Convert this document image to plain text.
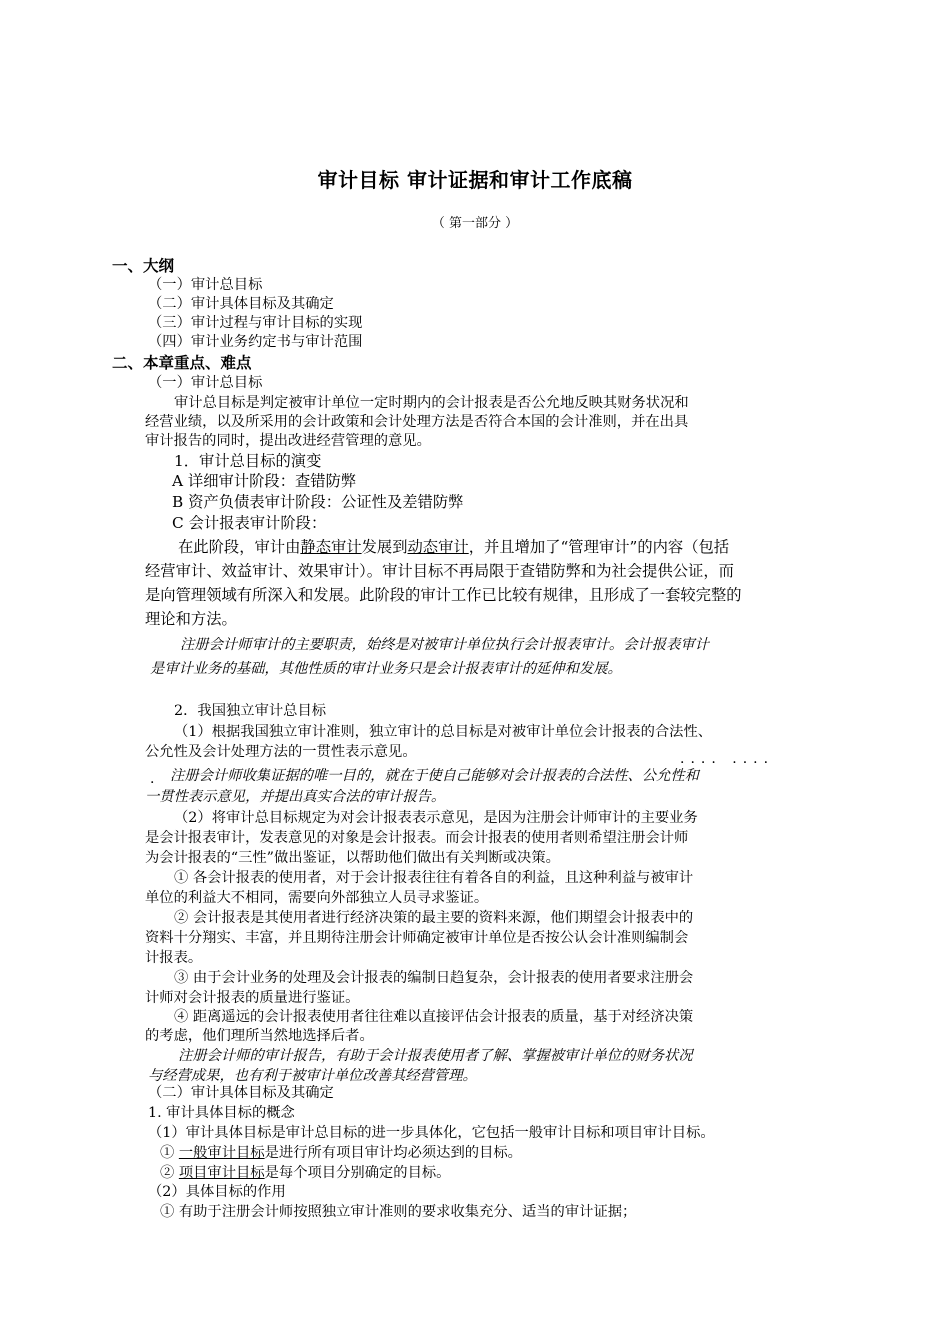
审计目标 审计证据和审计工作底稿
（ 第一部分 ）
一、大纲
（一）审计总目标
（二）审计具体目标及其确定
（三）审计过程与审计目标的实现
（四）审计业务约定书与审计范围
二、本章重点、难点
（一）审计总目标
审计总目标是判定被审计单位一定时期内的会计报表是否公允地反映其财务状况和
经营业绩，以及所采用的会计政策和会计处理方法是否符合本国的会计准则，并在出具
审计报告的同时，提出改进经营管理的意见。
1．审计总目标的演变
A 详细审计阶段：查错防弊
B 资产负债表审计阶段：公证性及差错防弊
C 会计报表审计阶段：
在此阶段，审计由静态审计发展到动态审计，并且增加了“管理审计”的内容（包括
经营审计、效益审计、效果审计）。审计目标不再局限于查错防弊和为社会提供公证，而
是向管理领域有所深入和发展。此阶段的审计工作已比较有规律，且形成了一套较完整的
理论和方法。
注册会计师审计的主要职责，始终是对被审计单位执行会计报表审计。会计报表审计
是审计业务的基础，其他性质的审计业务只是会计报表审计的延伸和发展。
2．我国独立审计总目标
（1）根据我国独立审计准则，独立审计的总目标是对被审计单位会计报表的合法性、
公允性及会计处理方法的一贯性表示意见。
···· ····
· 注册会计师收集证据的唯一目的，就在于使自己能够对会计报表的合法性、公允性和
一贯性表示意见，并提出真实合法的审计报告。
（2）将审计总目标规定为对会计报表表示意见，是因为注册会计师审计的主要业务
是会计报表审计，发表意见的对象是会计报表。而会计报表的使用者则希望注册会计师
为会计报表的“三性”做出鉴证，以帮助他们做出有关判断或决策。
① 各会计报表的使用者，对于会计报表往往有着各自的利益，且这种利益与被审计
单位的利益大不相同，需要向外部独立人员寻求鉴证。
② 会计报表是其使用者进行经济决策的最主要的资料来源，他们期望会计报表中的
资料十分翔实、丰富，并且期待注册会计师确定被审计单位是否按公认会计准则编制会
计报表。
③ 由于会计业务的处理及会计报表的编制日趋复杂，会计报表的使用者要求注册会
计师对会计报表的质量进行鉴证。
④ 距离遥远的会计报表使用者往往难以直接评估会计报表的质量，基于对经济决策
的考虑，他们理所当然地选择后者。
注册会计师的审计报告，有助于会计报表使用者了解、掌握被审计单位的财务状况
与经营成果，也有利于被审计单位改善其经营管理。
（二）审计具体目标及其确定
1. 审计具体目标的概念
（1）审计具体目标是审计总目标的进一步具体化，它包括一般审计目标和项目审计目标。
① 一般审计目标是进行所有项目审计均必须达到的目标。
② 项目审计目标是每个项目分别确定的目标。
（2）具体目标的作用
① 有助于注册会计师按照独立审计准则的要求收集充分、适当的审计证据；
